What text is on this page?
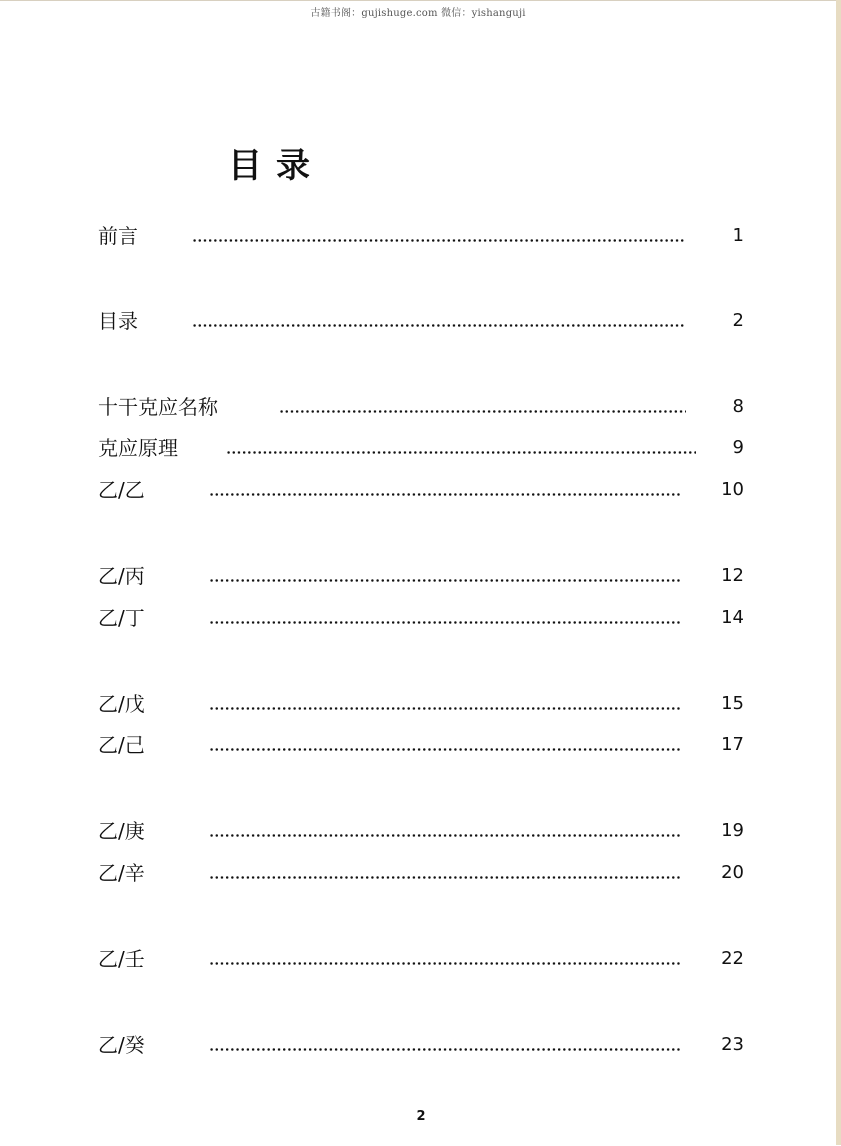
古籍书阁：gujishuge.com 微信：yishanguji
目录
前言	1
目录	2
十干克应名称	8
克应原理	9
乙/乙	10
乙/丙	12
乙/丁	14
乙/戊	15
乙/己	17
乙/庚	19
乙/辛	20
乙/壬	22
乙/癸	23
2
